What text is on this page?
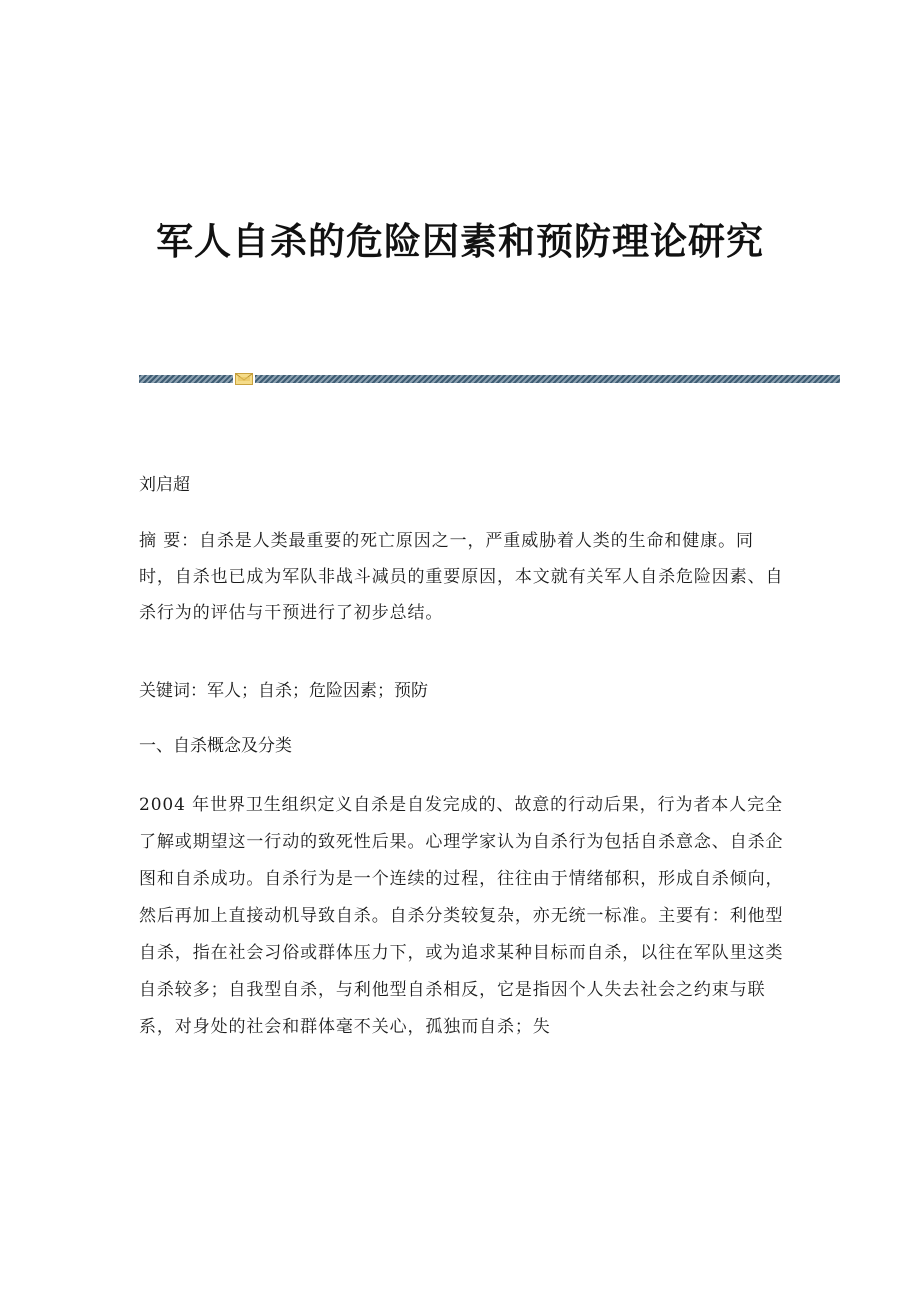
军人自杀的危险因素和预防理论研究

刘启超

摘 要：自杀是人类最重要的死亡原因之一，严重威胁着人类的生命和健康。同时，自杀也已成为军队非战斗减员的重要原因，本文就有关军人自杀危险因素、自杀行为的评估与干预进行了初步总结。

关键词：军人；自杀；危险因素；预防

一、自杀概念及分类

2004 年世界卫生组织定义自杀是自发完成的、故意的行动后果，行为者本人完全了解或期望这一行动的致死性后果。心理学家认为自杀行为包括自杀意念、自杀企图和自杀成功。自杀行为是一个连续的过程，往往由于情绪郁积，形成自杀倾向，然后再加上直接动机导致自杀。自杀分类较复杂，亦无统一标准。主要有：利他型自杀，指在社会习俗或群体压力下，或为追求某种目标而自杀，以往在军队里这类自杀较多；自我型自杀，与利他型自杀相反，它是指因个人失去社会之约束与联系，对身处的社会和群体毫不关心，孤独而自杀；失
